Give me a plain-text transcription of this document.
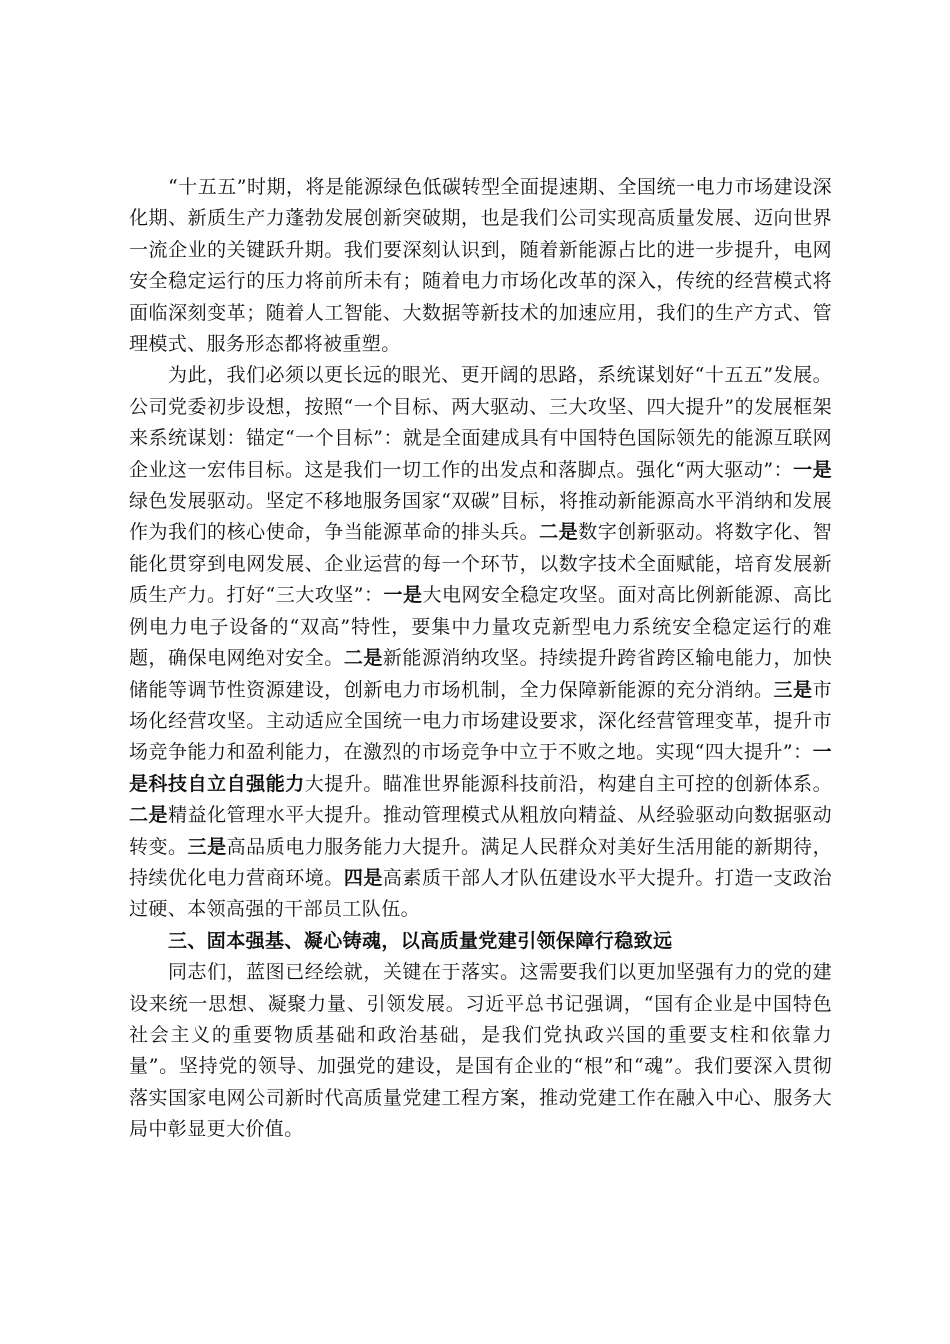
“十五五”时期，将是能源绿色低碳转型全面提速期、全国统一电力市场建设深化期、新质生产力蓬勃发展创新突破期，也是我们公司实现高质量发展、迈向世界一流企业的关键跃升期。我们要深刻认识到，随着新能源占比的进一步提升，电网安全稳定运行的压力将前所未有；随着电力市场化改革的深入，传统的经营模式将面临深刻变革；随着人工智能、大数据等新技术的加速应用，我们的生产方式、管理模式、服务形态都将被重塑。

为此，我们必须以更长远的眼光、更开阔的思路，系统谋划好“十五五”发展。公司党委初步设想，按照“一个目标、两大驱动、三大攻坚、四大提升”的发展框架来系统谋划：锚定“一个目标”：就是全面建成具有中国特色国际领先的能源互联网企业这一宏伟目标。这是我们一切工作的出发点和落脚点。强化“两大驱动”：一是绿色发展驱动。坚定不移地服务国家“双碳”目标，将推动新能源高水平消纳和发展作为我们的核心使命，争当能源革命的排头兵。二是数字创新驱动。将数字化、智能化贯穿到电网发展、企业运营的每一个环节，以数字技术全面赋能，培育发展新质生产力。打好“三大攻坚”：一是大电网安全稳定攻坚。面对高比例新能源、高比例电力电子设备的“双高”特性，要集中力量攻克新型电力系统安全稳定运行的难题，确保电网绝对安全。二是新能源消纳攻坚。持续提升跨省跨区输电能力，加快储能等调节性资源建设，创新电力市场机制，全力保障新能源的充分消纳。三是市场化经营攻坚。主动适应全国统一电力市场建设要求，深化经营管理变革，提升市场竞争能力和盈利能力，在激烈的市场竞争中立于不败之地。实现“四大提升”：一是科技自立自强能力大提升。瞄准世界能源科技前沿，构建自主可控的创新体系。二是精益化管理水平大提升。推动管理模式从粗放向精益、从经验驱动向数据驱动转变。三是高品质电力服务能力大提升。满足人民群众对美好生活用能的新期待，持续优化电力营商环境。四是高素质干部人才队伍建设水平大提升。打造一支政治过硬、本领高强的干部员工队伍。

三、固本强基、凝心铸魂，以高质量党建引领保障行稳致远

同志们，蓝图已经绘就，关键在于落实。这需要我们以更加坚强有力的党的建设来统一思想、凝聚力量、引领发展。习近平总书记强调，“国有企业是中国特色社会主义的重要物质基础和政治基础，是我们党执政兴国的重要支柱和依靠力量”。坚持党的领导、加强党的建设，是国有企业的“根”和“魂”。我们要深入贯彻落实国家电网公司新时代高质量党建工程方案，推动党建工作在融入中心、服务大局中彰显更大价值。
